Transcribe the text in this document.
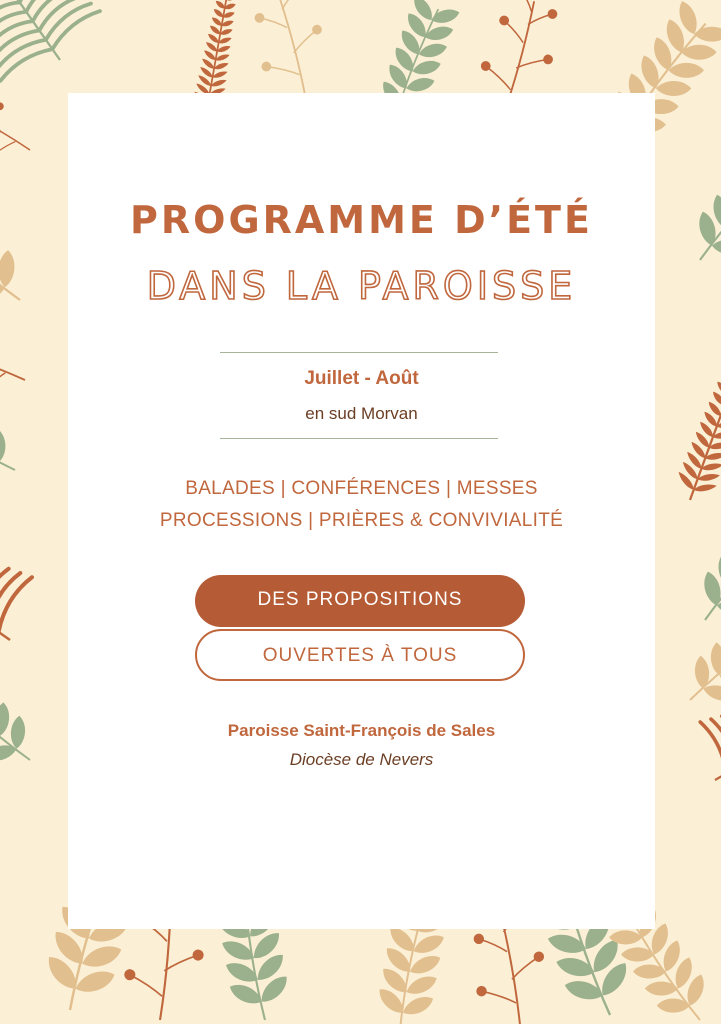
PROGRAMME D’ÉTÉ
DANS LA PAROISSE
Juillet - Août
en sud Morvan
BALADES | CONFÉRENCES | MESSES
PROCESSIONS | PRIÈRES & CONVIVIALITÉ
DES PROPOSITIONS
OUVERTES À TOUS
Paroisse Saint-François de Sales
Diocèse de Nevers
